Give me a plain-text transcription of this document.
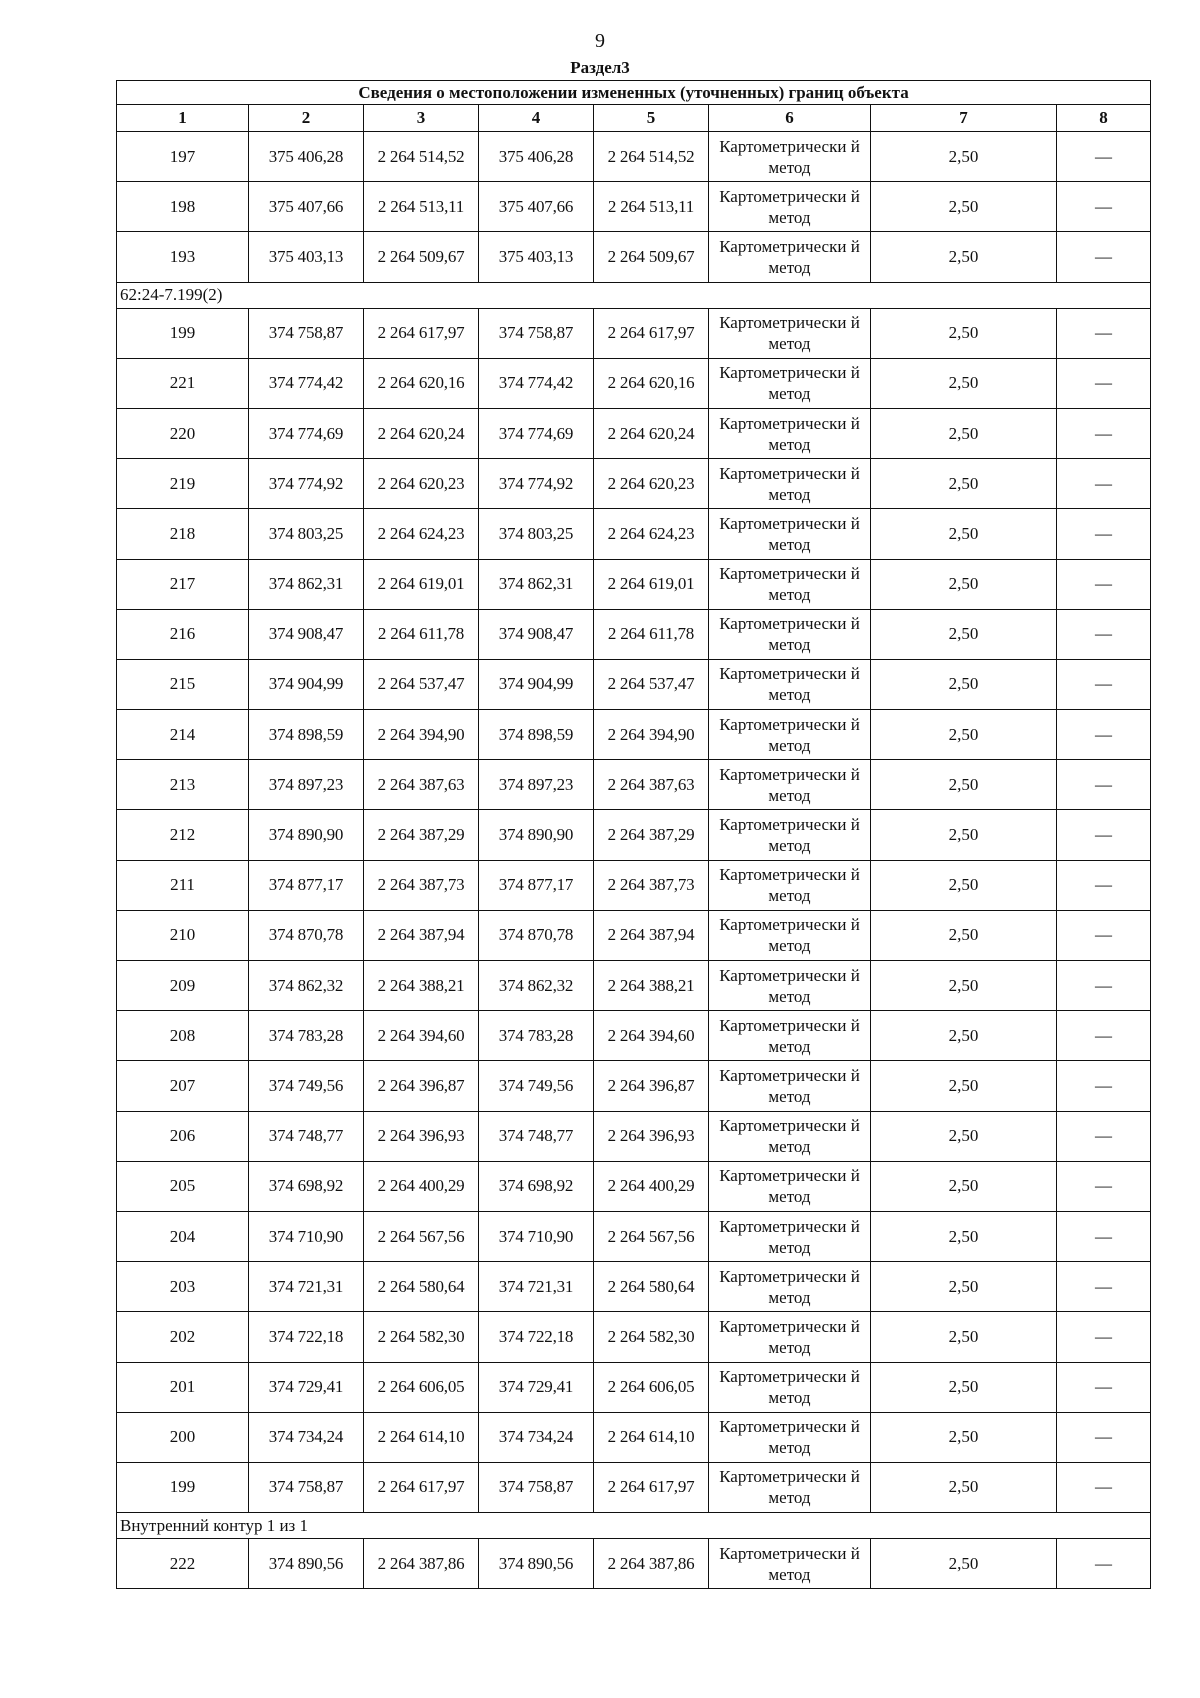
9
Раздел3
Сведения о местоположении измененных (уточненных) границ объекта							
1	2	3	4	5	6	7	8
197	375 406,28	2 264 514,52	375 406,28	2 264 514,52	Картометрически й метод	2,50	—
198	375 407,66	2 264 513,11	375 407,66	2 264 513,11	Картометрически й метод	2,50	—
193	375 403,13	2 264 509,67	375 403,13	2 264 509,67	Картометрически й метод	2,50	—
62:24-7.199(2)							
199	374 758,87	2 264 617,97	374 758,87	2 264 617,97	Картометрически й метод	2,50	—
221	374 774,42	2 264 620,16	374 774,42	2 264 620,16	Картометрически й метод	2,50	—
220	374 774,69	2 264 620,24	374 774,69	2 264 620,24	Картометрически й метод	2,50	—
219	374 774,92	2 264 620,23	374 774,92	2 264 620,23	Картометрически й метод	2,50	—
218	374 803,25	2 264 624,23	374 803,25	2 264 624,23	Картометрически й метод	2,50	—
217	374 862,31	2 264 619,01	374 862,31	2 264 619,01	Картометрически й метод	2,50	—
216	374 908,47	2 264 611,78	374 908,47	2 264 611,78	Картометрически й метод	2,50	—
215	374 904,99	2 264 537,47	374 904,99	2 264 537,47	Картометрически й метод	2,50	—
214	374 898,59	2 264 394,90	374 898,59	2 264 394,90	Картометрически й метод	2,50	—
213	374 897,23	2 264 387,63	374 897,23	2 264 387,63	Картометрически й метод	2,50	—
212	374 890,90	2 264 387,29	374 890,90	2 264 387,29	Картометрически й метод	2,50	—
211	374 877,17	2 264 387,73	374 877,17	2 264 387,73	Картометрически й метод	2,50	—
210	374 870,78	2 264 387,94	374 870,78	2 264 387,94	Картометрически й метод	2,50	—
209	374 862,32	2 264 388,21	374 862,32	2 264 388,21	Картометрически й метод	2,50	—
208	374 783,28	2 264 394,60	374 783,28	2 264 394,60	Картометрически й метод	2,50	—
207	374 749,56	2 264 396,87	374 749,56	2 264 396,87	Картометрически й метод	2,50	—
206	374 748,77	2 264 396,93	374 748,77	2 264 396,93	Картометрически й метод	2,50	—
205	374 698,92	2 264 400,29	374 698,92	2 264 400,29	Картометрически й метод	2,50	—
204	374 710,90	2 264 567,56	374 710,90	2 264 567,56	Картометрически й метод	2,50	—
203	374 721,31	2 264 580,64	374 721,31	2 264 580,64	Картометрически й метод	2,50	—
202	374 722,18	2 264 582,30	374 722,18	2 264 582,30	Картометрически й метод	2,50	—
201	374 729,41	2 264 606,05	374 729,41	2 264 606,05	Картометрически й метод	2,50	—
200	374 734,24	2 264 614,10	374 734,24	2 264 614,10	Картометрически й метод	2,50	—
199	374 758,87	2 264 617,97	374 758,87	2 264 617,97	Картометрически й метод	2,50	—
Внутренний контур 1 из 1							
222	374 890,56	2 264 387,86	374 890,56	2 264 387,86	Картометрически й метод	2,50	—
